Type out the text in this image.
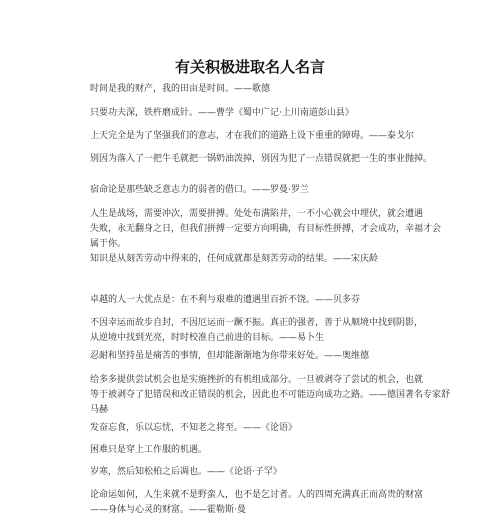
有关积极进取名人名言

时间是我的财产，我的田亩是时间。——歌德

只要功夫深，铁杵磨成针。——曹学《蜀中广记·上川南道彭山县》

上天完全是为了坚强我们的意志，才在我们的道路上设下重重的障碍。——泰戈尔

别因为落入了一把牛毛就把一锅奶油泼掉，别因为犯了一点错误就把一生的事业抛掉。

宿命论是那些缺乏意志力的弱者的借口。——罗曼·罗兰

人生是战场，需要冲次，需要拼搏。处处布满陷井，一不小心就会中埋伏，就会遭遇
失败，永无翻身之日，但我们拼搏一定要方向明确，有目标性拼搏，才会成功，幸福才会
属于你。

知识是从刻苦劳动中得来的，任何成就都是刻苦劳动的结果。——宋庆龄

卓越的人一大优点是：在不利与艰难的遭遇里百折不饶。——贝多芬

不因幸运而故步自封，不因厄运而一蹶不振。真正的强者，善于从顺境中找到阴影，
从逆境中找到光亮，时时校准自己前进的目标。——易卜生

忍耐和坚持虽是痛苦的事情，但却能渐渐地为你带来好处。——奥维德

给多多提供尝试机会也是实施挫折的有机组成部分。一旦被剥夺了尝试的机会，也就
等于被剥夺了犯错误和改正错误的机会，因此也不可能迈向成功之路。——德国著名专家舒
马赫

发奋忘食，乐以忘忧，不知老之将至。——《论语》

困难只是穿上工作服的机遇。

岁寒，然后知松柏之后凋也。——《论语·子罕》

论命运如何，人生来就不是野蛮人，也不是乞讨者。人的四周充满真正而高贵的财富
——身体与心灵的财富。——霍勒斯·曼
